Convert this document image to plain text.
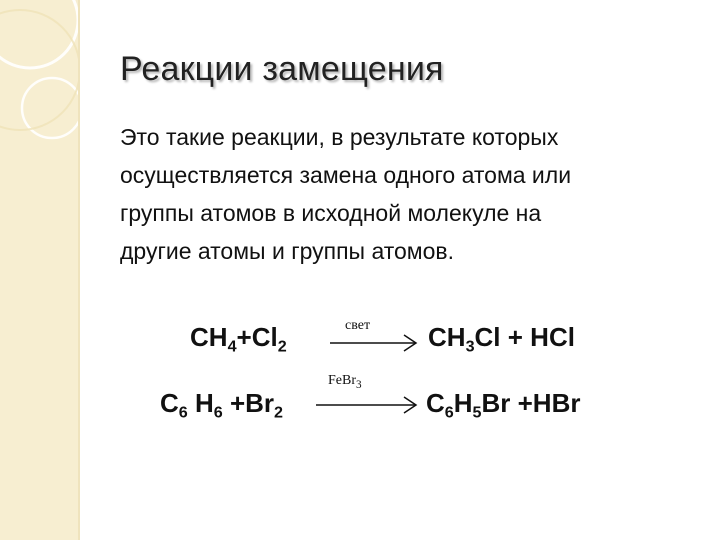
Реакции замещения
Это такие реакции, в результате которых
осуществляется замена одного атома или
группы атомов в исходной молекуле на
другие атомы и группы атомов.
$CH_4+Cl_2$
свет $CH_3Cl$ + HCl
$C_6$ $H_6 +Br_2$
FeBr$_3$
$C_6H_5Br +HBr$
